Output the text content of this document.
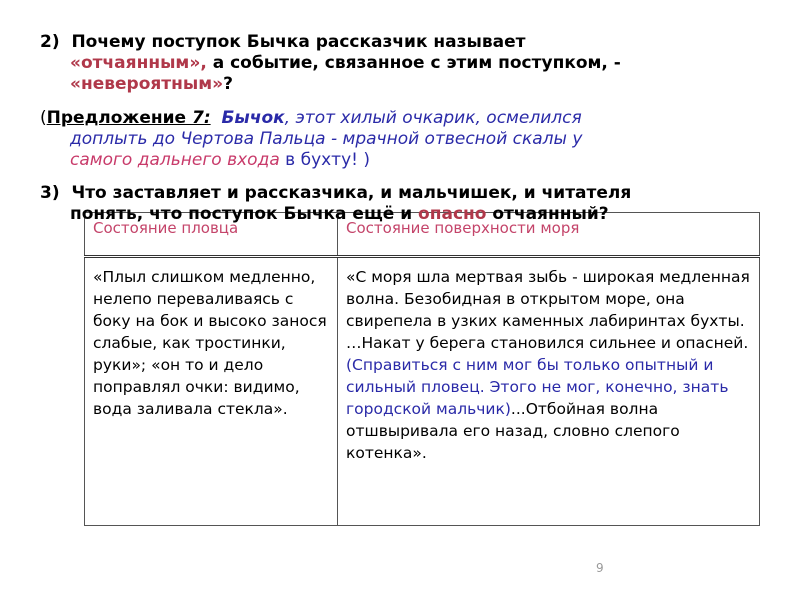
2) Почему поступок Бычка рассказчик называет
«отчаянным», а событие, связанное с этим поступком, -
«невероятным»?

(Предложение 7: Бычок, этот хилый очкарик, осмелился
доплыть до Чертова Пальца - мрачной отвесной скалы у
самого дальнего входа в бухту! )
Состояние пловца	Состояние поверхности моря
«Плыл слишком медленно, нелепо переваливаясь с боку на бок и высоко занося слабые, как тростинки, руки»; «он то и дело поправлял очки: видимо, вода заливала стекла».	«С моря шла мертвая зыбь - широкая медленная волна. Безобидная в открытом море, она свирепела в узких каменных лабиринтах бухты. …Накат у берега становился сильнее и опасней. (Справиться с ним мог бы только опытный и сильный пловец. Этого не мог, конечно, знать городской мальчик)...Отбойная волна отшвыривала его назад, словно слепого котенка».

3) Что заставляет и рассказчика, и мальчишек, и читателя
понять, что поступок Бычка ещё и опасно отчаянный?

9
